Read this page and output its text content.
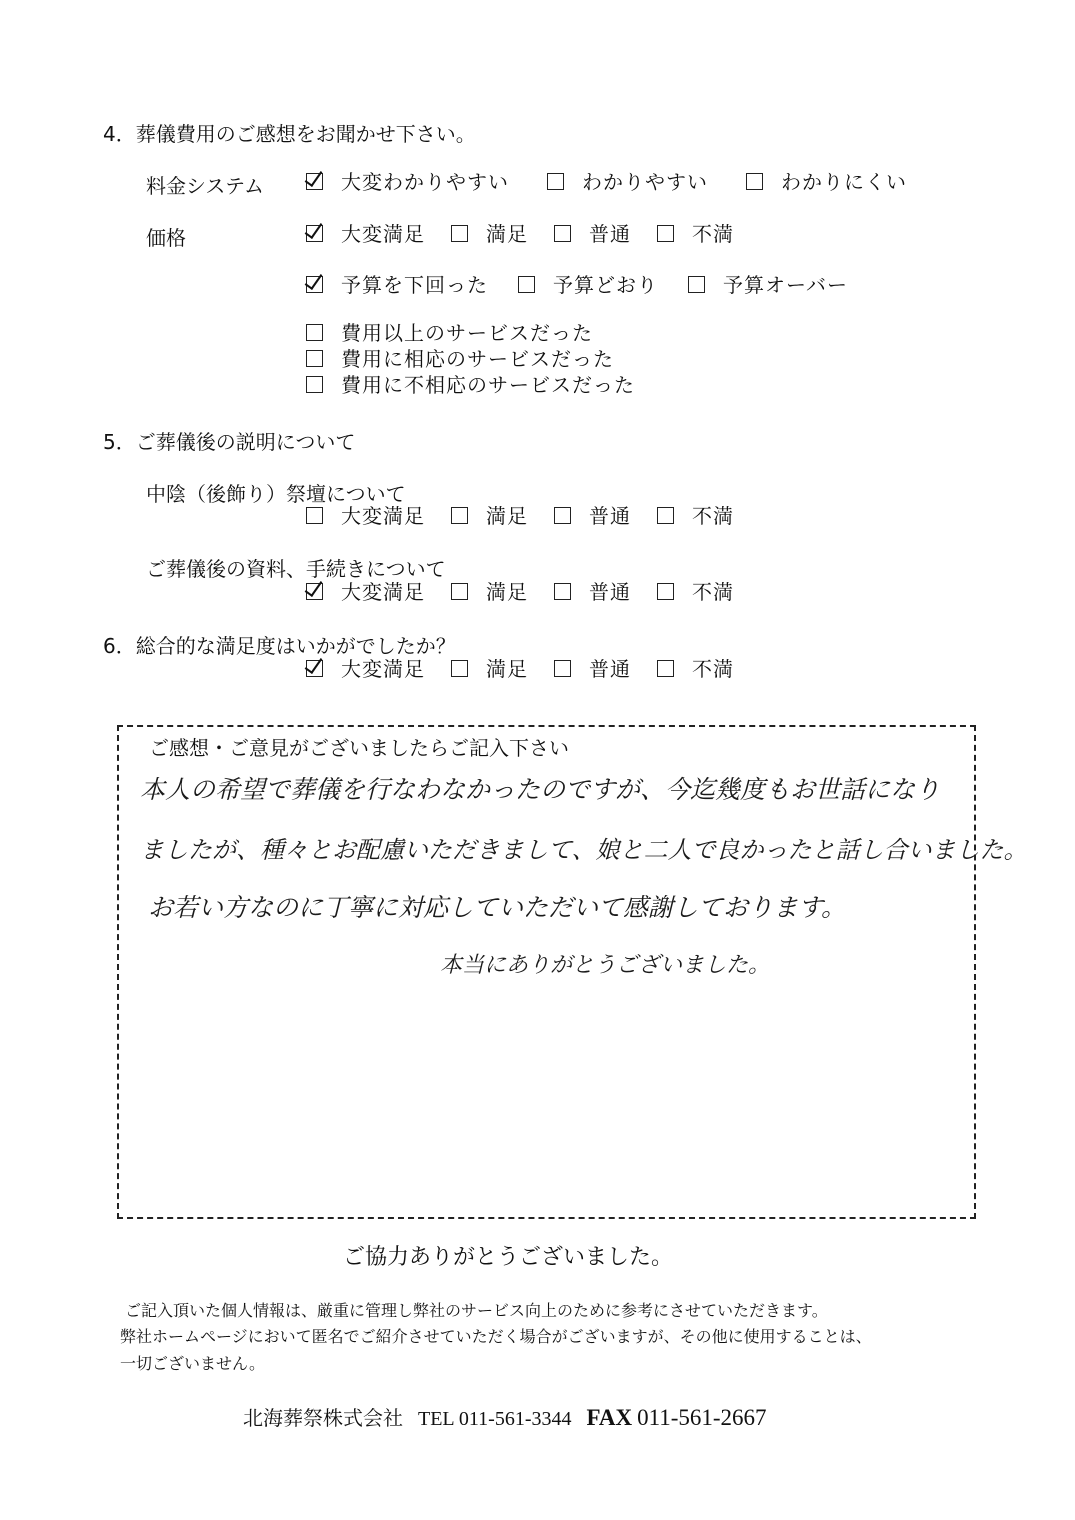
4．葬儀費用のご感想をお聞かせ下さい。
料金システム	大変わかりやすい	わかりやすい	わかりにくい
価格	大変満足	満足	普通	不満
予算を下回った	予算どおり	予算オーバー
費用以上のサービスだった
費用に相応のサービスだった
費用に不相応のサービスだった
5．ご葬儀後の説明について
中陰（後飾り）祭壇について
大変満足	満足	普通	不満
ご葬儀後の資料、手続きについて
大変満足	満足	普通	不満
6．総合的な満足度はいかがでしたか？
大変満足	満足	普通	不満
ご感想・ご意見がございましたらご記入下さい
本人の希望で葬儀を行なわなかったのですが、今迄幾度もお世話になり
ましたが、種々とお配慮いただきまして、娘と二人で良かったと話し合いました。
お若い方なのに丁寧に対応していただいて感謝しております。
本当にありがとうございました。
ご協力ありがとうございました。
ご記入頂いた個人情報は、厳重に管理し弊社のサービス向上のために参考にさせていただきます。
弊社ホームページにおいて匿名でご紹介させていただく場合がございますが、その他に使用することは、
一切ございません。
北海葬祭株式会社 TEL 011-561-3344 FAX 011-561-2667
